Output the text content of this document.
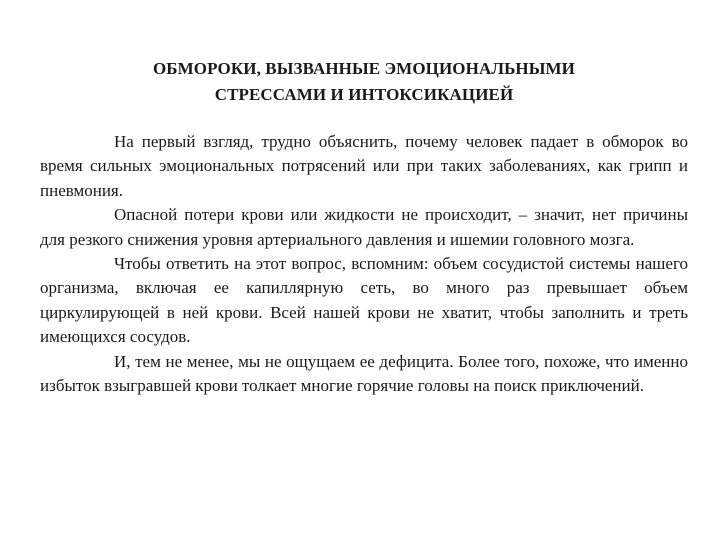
ОБМОРОКИ, ВЫЗВАННЫЕ ЭМОЦИОНАЛЬНЫМИ
СТРЕССАМИ И ИНТОКСИКАЦИЕЙ

На первый взгляд, трудно объяснить, почему человек падает в обморок во время сильных эмоциональных потрясений или при таких заболеваниях, как грипп и пневмония.

Опасной потери крови или жидкости не происходит, – значит, нет причины для резкого снижения уровня артериального давления и ишемии головного мозга.

Чтобы ответить на этот вопрос, вспомним: объем сосудистой системы нашего организма, включая ее капиллярную сеть, во много раз превышает объем циркулирующей в ней крови. Всей нашей крови не хватит, чтобы заполнить и треть имеющихся сосудов.

И, тем не менее, мы не ощущаем ее дефицита. Более того, похоже, что именно избыток взыгравшей крови толкает многие горячие головы на поиск приключений.
